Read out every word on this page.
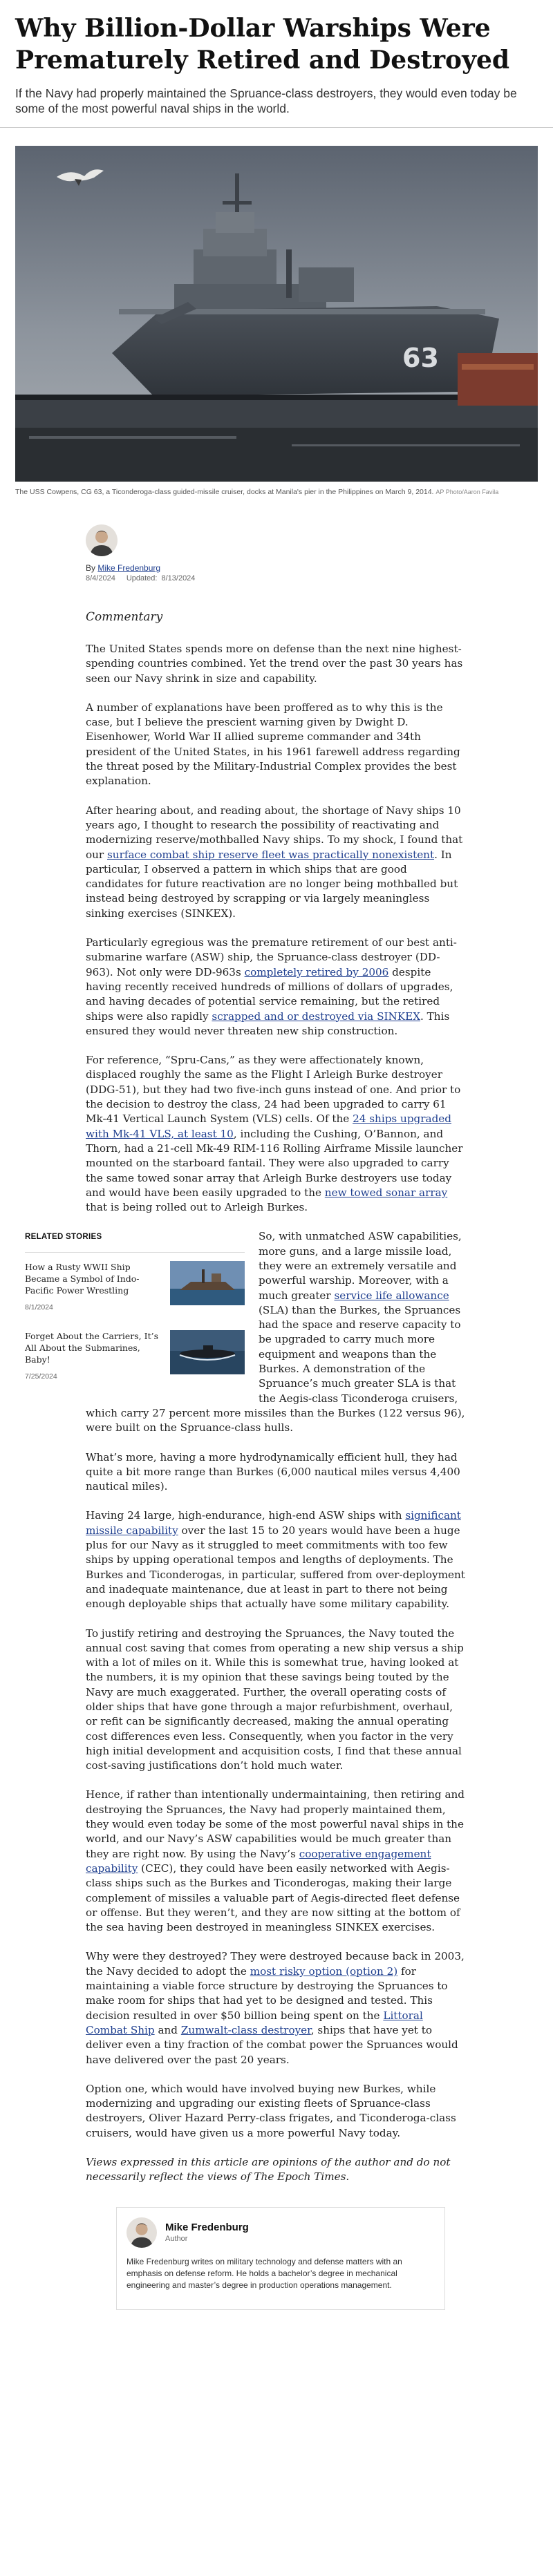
Why Billion-Dollar Warships Were Prematurely Retired and Destroyed

If the Navy had properly maintained the Spruance-class destroyers, they would even today be some of the most powerful naval ships in the world.

63

The USS Cowpens, CG 63, a Ticonderoga-class guided-missile cruiser, docks at Manila's pier in the Philippines on March 9, 2014. AP Photo/Aaron Favila

By Mike Fredenburg
8/4/2024 Updated: 8/13/2024
Commentary

The United States spends more on defense than the next nine highest-spending countries combined. Yet the trend over the past 30 years has seen our Navy shrink in size and capability.

A number of explanations have been proffered as to why this is the case, but I believe the prescient warning given by Dwight D. Eisenhower, World War II allied supreme commander and 34th president of the United States, in his 1961 farewell address regarding the threat posed by the Military-Industrial Complex provides the best explanation.

After hearing about, and reading about, the shortage of Navy ships 10 years ago, I thought to research the possibility of reactivating and modernizing reserve/mothballed Navy ships. To my shock, I found that our surface combat ship reserve fleet was practically nonexistent. In particular, I observed a pattern in which ships that are good candidates for future reactivation are no longer being mothballed but instead being destroyed by scrapping or via largely meaningless sinking exercises (SINKEX).

Particularly egregious was the premature retirement of our best anti-submarine warfare (ASW) ship, the Spruance-class destroyer (DD-963). Not only were DD-963s completely retired by 2006 despite having recently received hundreds of millions of dollars of upgrades, and having decades of potential service remaining, but the retired ships were also rapidly scrapped and or destroyed via SINKEX. This ensured they would never threaten new ship construction.

For reference, “Spru-Cans,” as they were affectionately known, displaced roughly the same as the Flight I Arleigh Burke destroyer (DDG-51), but they had two five-inch guns instead of one. And prior to the decision to destroy the class, 24 had been upgraded to carry 61 Mk-41 Vertical Launch System (VLS) cells. Of the 24 ships upgraded with Mk-41 VLS, at least 10, including the Cushing, O’Bannon, and Thorn, had a 21-cell Mk-49 RIM-116 Rolling Airframe Missile launcher mounted on the starboard fantail. They were also upgraded to carry the same towed sonar array that Arleigh Burke destroyers use today and would have been easily upgraded to the new towed sonar array that is being rolled out to Arleigh Burkes.

RELATED STORIES
How a Rusty WWII Ship Became a Symbol of Indo-Pacific Power Wrestling
8/1/2024
Forget About the Carriers, It’s All About the Submarines, Baby!
7/25/2024

So, with unmatched ASW capabilities, more guns, and a large missile load, they were an extremely versatile and powerful warship. Moreover, with a much greater service life allowance (SLA) than the Burkes, the Spruances had the space and reserve capacity to be upgraded to carry much more equipment and weapons than the Burkes. A demonstration of the Spruance’s much greater SLA is that the Aegis-class Ticonderoga cruisers, which carry 27 percent more missiles than the Burkes (122 versus 96), were built on the Spruance-class hulls.

What’s more, having a more hydrodynamically efficient hull, they had quite a bit more range than Burkes (6,000 nautical miles versus 4,400 nautical miles).

Having 24 large, high-endurance, high-end ASW ships with significant missile capability over the last 15 to 20 years would have been a huge plus for our Navy as it struggled to meet commitments with too few ships by upping operational tempos and lengths of deployments. The Burkes and Ticonderogas, in particular, suffered from over-deployment and inadequate maintenance, due at least in part to there not being enough deployable ships that actually have some military capability.

To justify retiring and destroying the Spruances, the Navy touted the annual cost saving that comes from operating a new ship versus a ship with a lot of miles on it. While this is somewhat true, having looked at the numbers, it is my opinion that these savings being touted by the Navy are much exaggerated. Further, the overall operating costs of older ships that have gone through a major refurbishment, overhaul, or refit can be significantly decreased, making the annual operating cost differences even less. Consequently, when you factor in the very high initial development and acquisition costs, I find that these annual cost-saving justifications don’t hold much water.

Hence, if rather than intentionally undermaintaining, then retiring and destroying the Spruances, the Navy had properly maintained them, they would even today be some of the most powerful naval ships in the world, and our Navy’s ASW capabilities would be much greater than they are right now. By using the Navy’s cooperative engagement capability (CEC), they could have been easily networked with Aegis-class ships such as the Burkes and Ticonderogas, making their large complement of missiles a valuable part of Aegis-directed fleet defense or offense. But they weren’t, and they are now sitting at the bottom of the sea having been destroyed in meaningless SINKEX exercises.

Why were they destroyed? They were destroyed because back in 2003, the Navy decided to adopt the most risky option (option 2) for maintaining a viable force structure by destroying the Spruances to make room for ships that had yet to be designed and tested. This decision resulted in over $50 billion being spent on the Littoral Combat Ship and Zumwalt-class destroyer, ships that have yet to deliver even a tiny fraction of the combat power the Spruances would have delivered over the past 20 years.

Option one, which would have involved buying new Burkes, while modernizing and upgrading our existing fleets of Spruance-class destroyers, Oliver Hazard Perry-class frigates, and Ticonderoga-class cruisers, would have given us a more powerful Navy today.

Views expressed in this article are opinions of the author and do not necessarily reflect the views of The Epoch Times.

Mike Fredenburg
Author

Mike Fredenburg writes on military technology and defense matters with an emphasis on defense reform. He holds a bachelor’s degree in mechanical engineering and master’s degree in production operations management.
